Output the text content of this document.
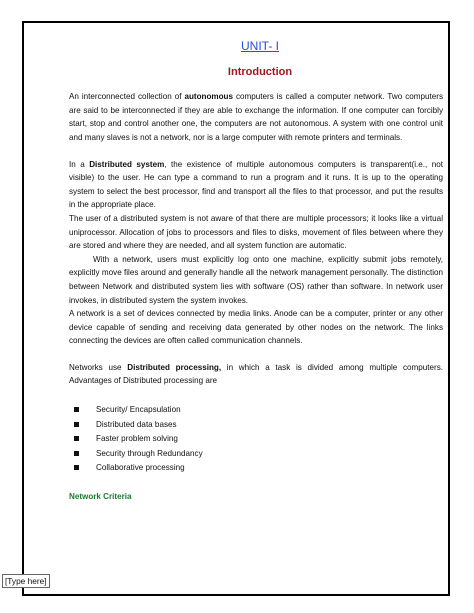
UNIT- I
Introduction

An interconnected collection of autonomous computers is called a computer network. Two computers are said to be interconnected if they are able to exchange the information. If one computer can forcibly start, stop and control another one, the computers are not autonomous. A system with one control unit and many slaves is not a network, nor is a large computer with remote printers and terminals.

In a Distributed system, the existence of multiple autonomous computers is transparent(i.e., not visible) to the user. He can type a command to run a program and it runs. It is up to the operating system to select the best processor, find and transport all the files to that processor, and put the results in the appropriate place.

The user of a distributed system is not aware of that there are multiple processors; it looks like a virtual uniprocessor. Allocation of jobs to processors and files to disks, movement of files between where they are stored and where they are needed, and all system function are automatic.

With a network, users must explicitly log onto one machine, explicitly submit jobs remotely, explicitly move files around and generally handle all the network management personally. The distinction between Network and distributed system lies with software (OS) rather than software. In network user invokes, in distributed system the system invokes.

A network is a set of devices connected by media links. Anode can be a computer, printer or any other device capable of sending and receiving data generated by other nodes on the network. The links connecting the devices are often called communication channels.

Networks use Distributed processing, in which a task is divided among multiple computers. Advantages of Distributed processing are

Security/ Encapsulation
Distributed data bases
Faster problem solving
Security through Redundancy
Collaborative processing
Network Criteria
[Type here]
